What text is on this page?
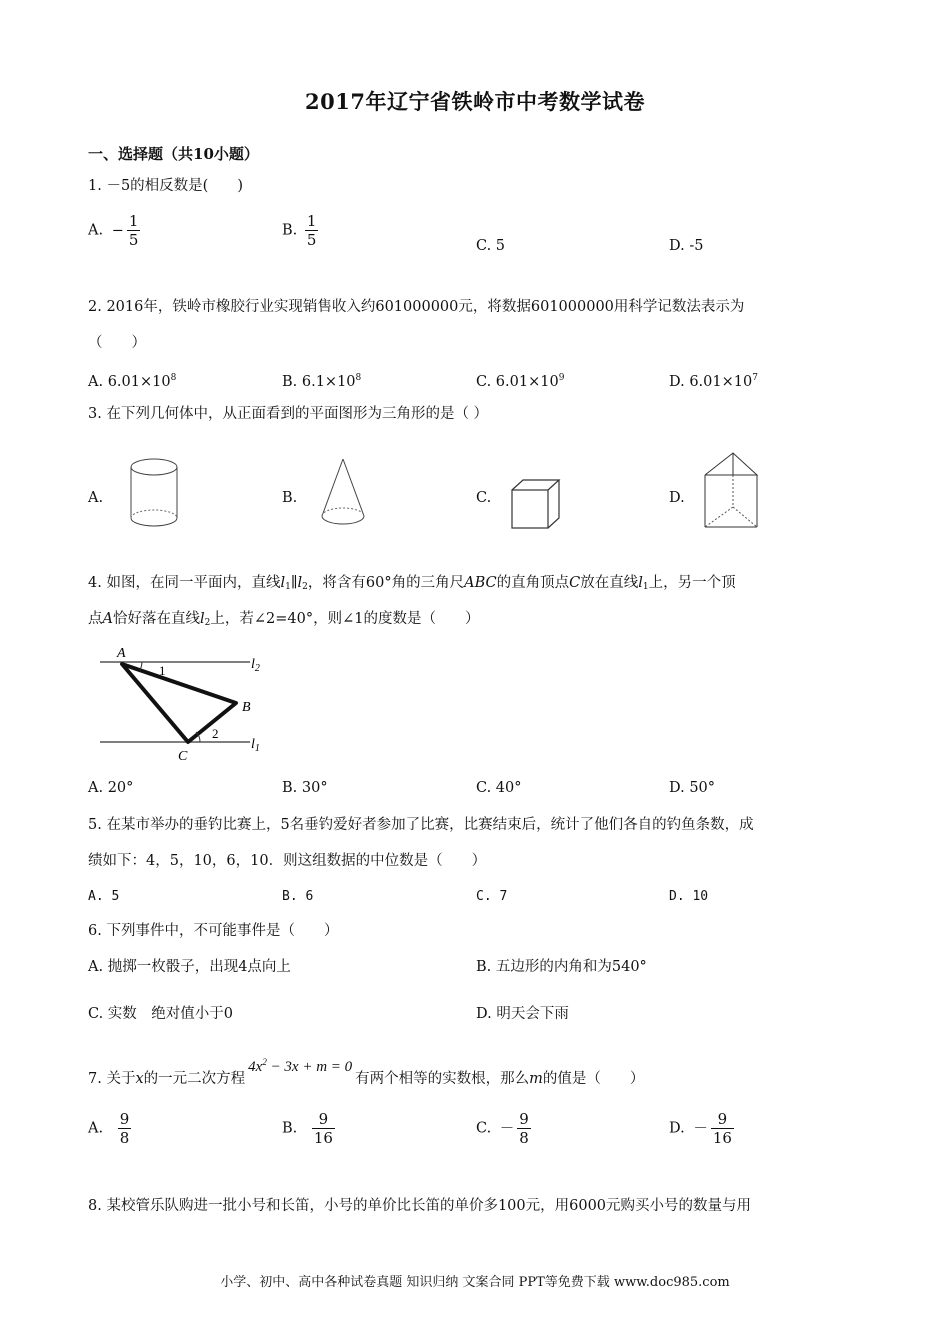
2017年辽宁省铁岭市中考数学试卷
一、选择题（共10小题）
1. －5的相反数是(　　)
A. − $\frac{1}{5}$	B. $\frac{1}{5}$	C. 5	D. -5
2. 2016年，铁岭市橡胶行业实现销售收入约601000000元，将数据601000000用科学记数法表示为
（　　）
A. $6.01\times 10^8$	B. $6.1\times 10^8$	C. $6.01\times 10^9$	D. $6.01\times 10^7$
3. 在下列几何体中，从正面看到的平面图形为三角形的是（ ）
A.	B.	C.	D.
4. 如图，在同一平面内，直线$l_1\parallel l_2$，将含有60°角的三角尺ABC的直角顶点C放在直线$l_1$上，另一个顶
点A恰好落在直线$l_2$上，若∠2=40°，则∠1的度数是（　　）
A
B
C
1
2
$l_2$
$l_1$
A. 20°	B. 30°	C. 40°	D. 50°
5. 在某市举办的垂钓比赛上，5名垂钓爱好者参加了比赛，比赛结束后，统计了他们各自的钓鱼条数，成
绩如下：4，5，10，6，10．则这组数据的中位数是（　　）
A. 5	B. 6	C. 7	D. 10
6. 下列事件中，不可能事件是（　　）
A. 抛掷一枚骰子，出现4点向上	B. 五边形的内角和为540°
C. 实数　绝对值小于0	D. 明天会下雨
7. 关于x的一元二次方程$4x^2 - 3x + m = 0$有两个相等的实数根，那么m的值是（　　）
A. $\frac{9}{8}$	B. $\frac{9}{16}$	C. － $\frac{9}{8}$	D. － $\frac{9}{16}$
8. 某校管乐队购进一批小号和长笛，小号的单价比长笛的单价多100元，用6000元购买小号的数量与用
小学、初中、高中各种试卷真题 知识归纳 文案合同 PPT等免费下载 www.doc985.com
